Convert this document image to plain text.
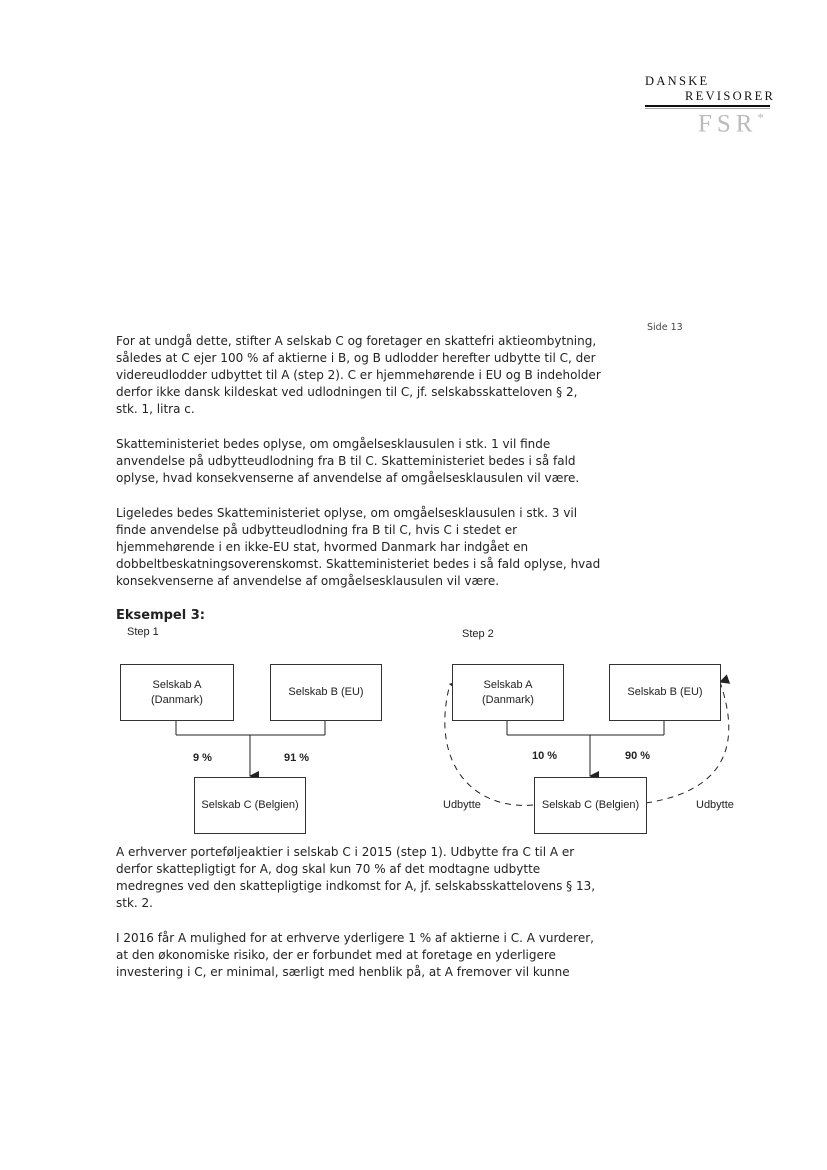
DANSKE
REVISORER
FSR*
Side 13

For at undgå dette, stifter A selskab C og foretager en skattefri aktieombytning,
således at C ejer 100 % af aktierne i B, og B udlodder herefter udbytte til C, der
videreudlodder udbyttet til A (step 2). C er hjemmehørende i EU og B indeholder
derfor ikke dansk kildeskat ved udlodningen til C, jf. selskabsskatteloven § 2,
stk. 1, litra c.

Skatteministeriet bedes oplyse, om omgåelsesklausulen i stk. 1 vil finde
anvendelse på udbytteudlodning fra B til C. Skatteministeriet bedes i så fald
oplyse, hvad konsekvenserne af anvendelse af omgåelsesklausulen vil være.

Ligeledes bedes Skatteministeriet oplyse, om omgåelsesklausulen i stk. 3 vil
finde anvendelse på udbytteudlodning fra B til C, hvis C i stedet er
hjemmehørende i en ikke-EU stat, hvormed Danmark har indgået en
dobbeltbeskatningsoverenskomst. Skatteministeriet bedes i så fald oplyse, hvad
konsekvenserne af anvendelse af omgåelsesklausulen vil være.

Eksempel 3:

Step 1
Selskab A
(Danmark)
Selskab B (EU)
9 %	91 %
Selskab C (Belgien)
Step 2
Selskab A
(Danmark)
Selskab B (EU)
10 %	90 %
Selskab C (Belgien)
Udbytte	Udbytte

A erhverver porteføljeaktier i selskab C i 2015 (step 1). Udbytte fra C til A er
derfor skattepligtigt for A, dog skal kun 70 % af det modtagne udbytte
medregnes ved den skattepligtige indkomst for A, jf. selskabsskattelovens § 13,
stk. 2.

I 2016 får A mulighed for at erhverve yderligere 1 % af aktierne i C. A vurderer,
at den økonomiske risiko, der er forbundet med at foretage en yderligere
investering i C, er minimal, særligt med henblik på, at A fremover vil kunne
